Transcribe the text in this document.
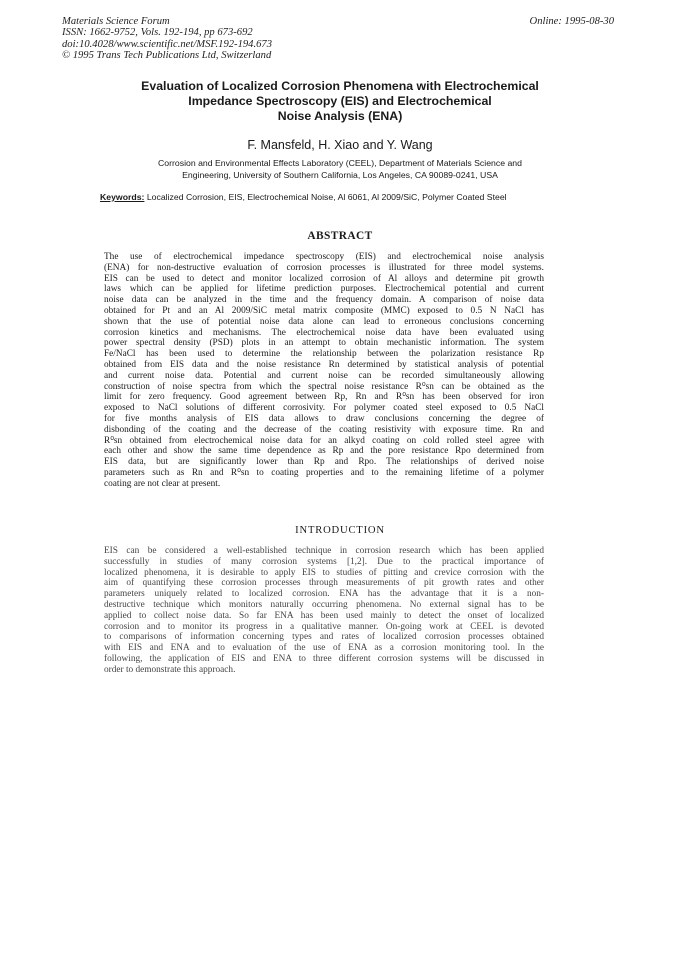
Materials Science Forum
ISSN: 1662-9752, Vols. 192-194, pp 673-692
doi:10.4028/www.scientific.net/MSF.192-194.673
© 1995 Trans Tech Publications Ltd, Switzerland
Online: 1995-08-30
Evaluation of Localized Corrosion Phenomena with Electrochemical
Impedance Spectroscopy (EIS) and Electrochemical
Noise Analysis (ENA)
F. Mansfeld, H. Xiao and Y. Wang
Corrosion and Environmental Effects Laboratory (CEEL), Department of Materials Science and
Engineering, University of Southern California, Los Angeles, CA 90089-0241, USA
Keywords: Localized Corrosion, EIS, Electrochemical Noise, Al 6061, Al 2009/SiC, Polymer Coated Steel
ABSTRACT
The use of electrochemical impedance spectroscopy (EIS) and electrochemical noise analysis
(ENA) for non-destructive evaluation of corrosion processes is illustrated for three model systems.
EIS can be used to detect and monitor localized corrosion of Al alloys and determine pit growth
laws which can be applied for lifetime prediction purposes. Electrochemical potential and current
noise data can be analyzed in the time and the frequency domain. A comparison of noise data
obtained for Pt and an Al 2009/SiC metal matrix composite (MMC) exposed to 0.5 N NaCl has
shown that the use of potential noise data alone can lead to erroneous conclusions concerning
corrosion kinetics and mechanisms. The electrochemical noise data have been evaluated using
power spectral density (PSD) plots in an attempt to obtain mechanistic information. The system
Fe/NaCl has been used to determine the relationship between the polarization resistance Rp
obtained from EIS data and the noise resistance Rn determined by statistical analysis of potential
and current noise data. Potential and current noise can be recorded simultaneously allowing
construction of noise spectra from which the spectral noise resistance R⁰sn can be obtained as the
limit for zero frequency. Good agreement between Rp, Rn and R⁰sn has been observed for iron
exposed to NaCl solutions of different corrosivity. For polymer coated steel exposed to 0.5 NaCl
for five months analysis of EIS data allows to draw conclusions concerning the degree of
disbonding of the coating and the decrease of the coating resistivity with exposure time. Rn and
R⁰sn obtained from electrochemical noise data for an alkyd coating on cold rolled steel agree with
each other and show the same time dependence as Rp and the pore resistance Rpo determined from
EIS data, but are significantly lower than Rp and Rpo. The relationships of derived noise
parameters such as Rn and R⁰sn to coating properties and to the remaining lifetime of a polymer
coating are not clear at present.
INTRODUCTION
EIS can be considered a well-established technique in corrosion research which has been applied
successfully in studies of many corrosion systems [1,2]. Due to the practical importance of
localized phenomena, it is desirable to apply EIS to studies of pitting and crevice corrosion with the
aim of quantifying these corrosion processes through measurements of pit growth rates and other
parameters uniquely related to localized corrosion. ENA has the advantage that it is a non-
destructive technique which monitors naturally occurring phenomena. No external signal has to be
applied to collect noise data. So far ENA has been used mainly to detect the onset of localized
corrosion and to monitor its progress in a qualitative manner. On-going work at CEEL is devoted
to comparisons of information concerning types and rates of localized corrosion processes obtained
with EIS and ENA and to evaluation of the use of ENA as a corrosion monitoring tool. In the
following, the application of EIS and ENA to three different corrosion systems will be discussed in
order to demonstrate this approach.
